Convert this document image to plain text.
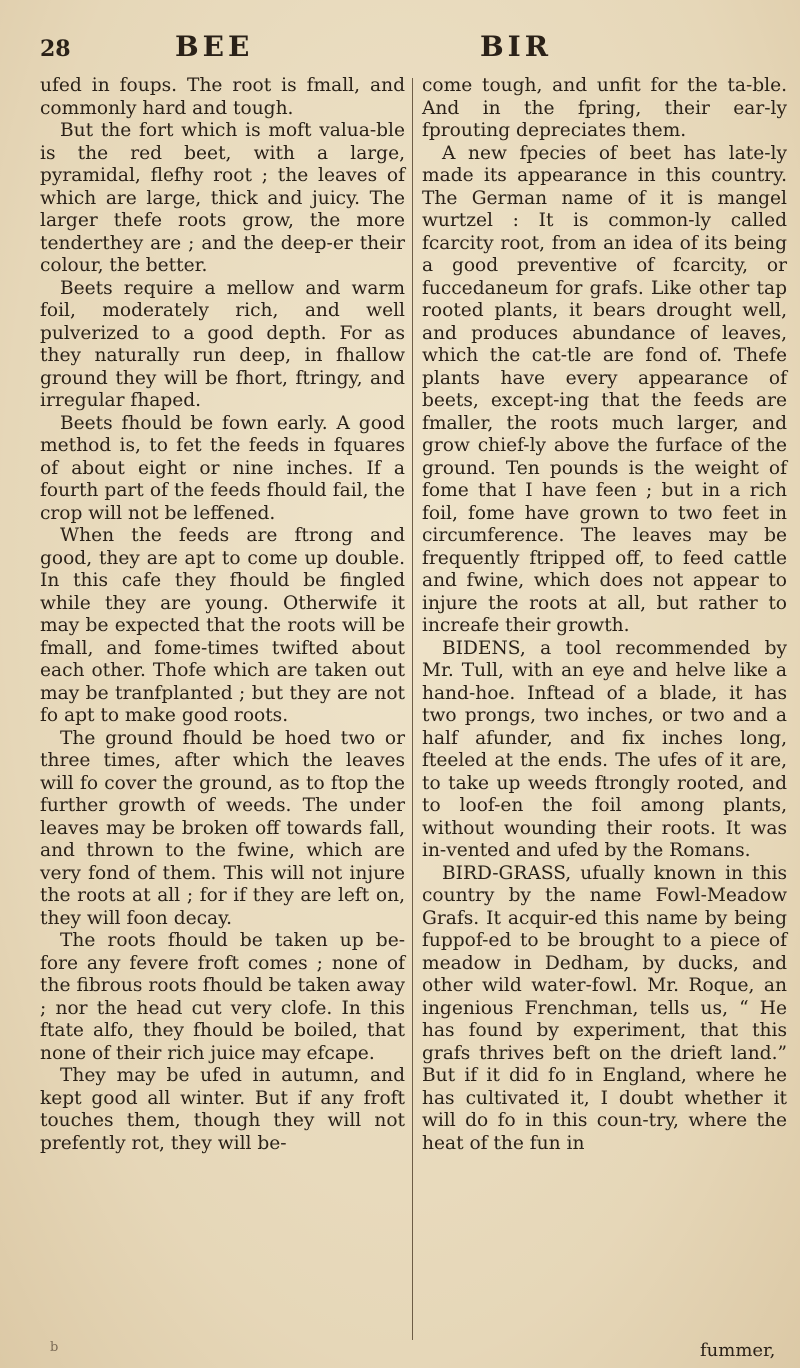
28	BEE	BIR

ufed in foups. The root is fmall, and commonly hard and tough.

But the fort which is moft valua-ble is the red beet, with a large, pyramidal, flefhy root ; the leaves of which are large, thick and juicy. The larger thefe roots grow, the more tenderthey are ; and the deep-er their colour, the better.

Beets require a mellow and warm foil, moderately rich, and well pulverized to a good depth. For as they naturally run deep, in fhallow ground they will be fhort, ftringy, and irregular fhaped.

Beets fhould be fown early. A good method is, to fet the feeds in fquares of about eight or nine inches. If a fourth part of the feeds fhould fail, the crop will not be leffened.

When the feeds are ftrong and good, they are apt to come up double. In this cafe they fhould be fingled while they are young. Otherwife it may be expected that the roots will be fmall, and fome-times twifted about each other. Thofe which are taken out may be tranfplanted ; but they are not fo apt to make good roots.

The ground fhould be hoed two or three times, after which the leaves will fo cover the ground, as to ftop the further growth of weeds. The under leaves may be broken off towards fall, and thrown to the fwine, which are very fond of them. This will not injure the roots at all ; for if they are left on, they will foon decay.

The roots fhould be taken up be-fore any fevere froft comes ; none of the fibrous roots fhould be taken away ; nor the head cut very clofe. In this ftate alfo, they fhould be boiled, that none of their rich juice may efcape.

They may be ufed in autumn, and kept good all winter. But if any froft touches them, though they will not prefently rot, they will be-

come tough, and unfit for the ta-ble. And in the fpring, their ear-ly fprouting depreciates them.

A new fpecies of beet has late-ly made its appearance in this country. The German name of it is mangel wurtzel : It is common-ly called fcarcity root, from an idea of its being a good preventive of fcarcity, or fuccedaneum for grafs. Like other tap rooted plants, it bears drought well, and produces abundance of leaves, which the cat-tle are fond of. Thefe plants have every appearance of beets, except-ing that the feeds are fmaller, the roots much larger, and grow chief-ly above the furface of the ground. Ten pounds is the weight of fome that I have feen ; but in a rich foil, fome have grown to two feet in circumference. The leaves may be frequently ftripped off, to feed cattle and fwine, which does not appear to injure the roots at all, but rather to increafe their growth.

BIDENS, a tool recommended by Mr. Tull, with an eye and helve like a hand-hoe. Inftead of a blade, it has two prongs, two inches, or two and a half afunder, and fix inches long, fteeled at the ends. The ufes of it are, to take up weeds ftrongly rooted, and to loof-en the foil among plants, without wounding their roots. It was in-vented and ufed by the Romans.

BIRD-GRASS, ufually known in this country by the name Fowl-Meadow Grafs. It acquir-ed this name by being fuppof-ed to be brought to a piece of meadow in Dedham, by ducks, and other wild water-fowl. Mr. Roque, an ingenious Frenchman, tells us, “ He has found by experiment, that this grafs thrives beft on the drieft land.” But if it did fo in England, where he has cultivated it, I doubt whether it will do fo in this coun-try, where the heat of the fun in

b	fummer,
